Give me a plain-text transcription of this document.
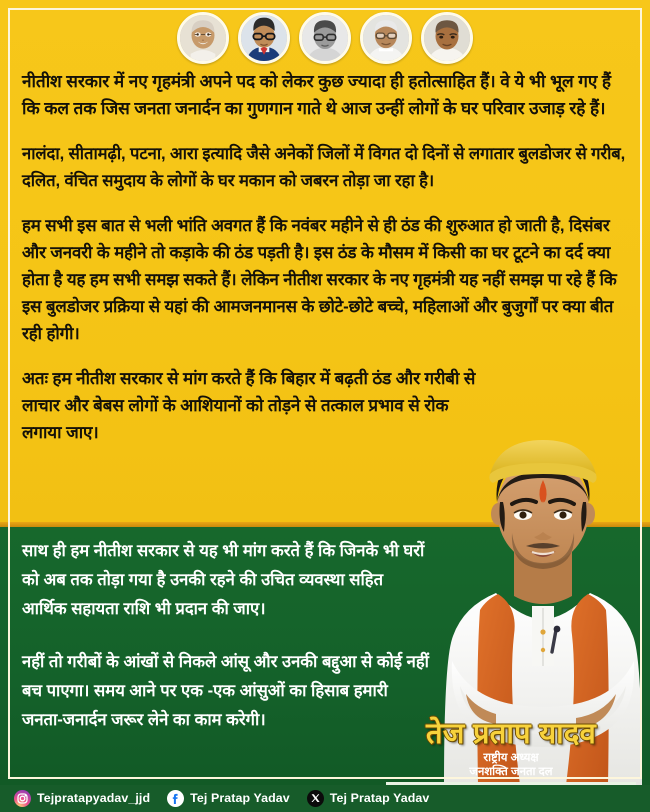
नीतीश सरकार में नए गृहमंत्री अपने पद को लेकर कुछ ज्यादा ही हतोत्साहित हैं। वे ये भी भूल गए हैं कि कल तक जिस जनता जनार्दन का गुणगान गाते थे आज उन्हीं लोगों के घर परिवार उजाड़ रहे हैं।

नालंदा, सीतामढ़ी, पटना, आरा इत्यादि जैसे अनेकों जिलों में विगत दो दिनों से लगातार बुलडोजर से गरीब, दलित, वंचित समुदाय के लोगों के घर मकान को जबरन तोड़ा जा रहा है।

हम सभी इस बात से भली भांति अवगत हैं कि नवंबर महीने से ही ठंड की शुरुआत हो जाती है, दिसंबर और जनवरी के महीने तो कड़ाके की ठंड पड़ती है। इस ठंड के मौसम में किसी का घर टूटने का दर्द क्या होता है यह हम सभी समझ सकते हैं। लेकिन नीतीश सरकार के नए गृहमंत्री यह नहीं समझ पा रहे हैं कि इस बुलडोजर प्रक्रिया से यहां की आमजनमानस के छोटे-छोटे बच्चे, महिलाओं और बुजुर्गों पर क्या बीत रही होगी।

अतः हम नीतीश सरकार से मांग करते हैं कि बिहार में बढ़ती ठंड और गरीबी से लाचार और बेबस लोगों के आशियानों को तोड़ने से तत्काल प्रभाव से रोक लगाया जाए।

साथ ही हम नीतीश सरकार से यह भी मांग करते हैं कि जिनके भी घरों को अब तक तोड़ा गया है उनकी रहने की उचित व्यवस्था सहित आर्थिक सहायता राशि भी प्रदान की जाए।

नहीं तो गरीबों के आंखों से निकले आंसू और उनकी बद्दुआ से कोई नहीं बच पाएगा। समय आने पर एक -एक आंसुओं का हिसाब हमारी जनता-जनार्दन जरूर लेने का काम करेगी।	तेज प्रताप यादव
राष्ट्रीय अध्यक्ष
जनशक्ति जनता दल
Tejpratapyadav_jjd	Tej Pratap Yadav	Tej Pratap Yadav
